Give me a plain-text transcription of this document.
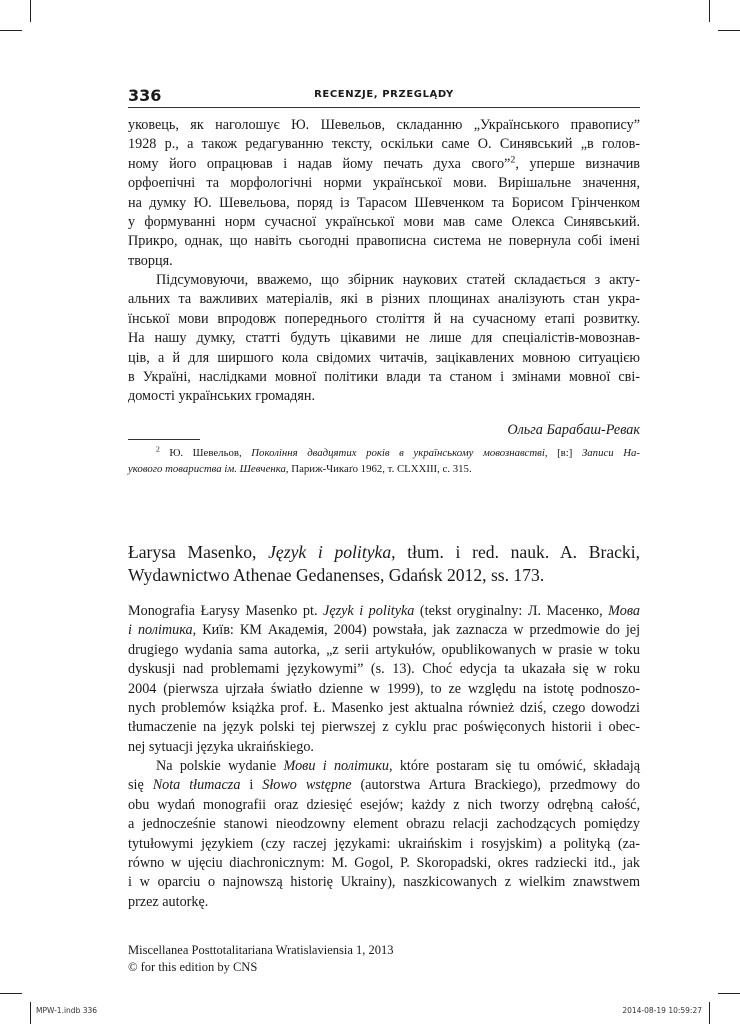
336	RECENZJE, PRZEGLĄDY
уковець, як наголошує Ю. Шевельов, складанню „Українського правопису”
1928 р., а також редагуванню тексту, оскільки саме О. Синявський „в голов-
ному його опрацював і надав йому печать духа свого”$^2$, уперше визначив
орфоепічні та морфологічні норми української мови. Вирішальне значення,
на думку Ю. Шевельова, поряд із Тарасом Шевченком та Борисом Грінченком
у формуванні норм сучасної української мови мав саме Олекса Синявський.
Прикро, однак, що навіть сьогодні правописна система не повернула собі імені
творця.
Підсумовуючи, вважемо, що збірник наукових статей складається з акту-
альних та важливих матеріалів, які в різних площинах аналізують стан укра-
їнської мови впродовж попереднього століття й на сучасному етапі розвитку.
На нашу думку, статті будуть цікавими не лише для спеціалістів-мовознав-
ців, а й для ширшого кола свідомих читачів, зацікавлених мовною ситуацією
в Україні, наслідками мовної політики влади та станом і змінами мовної сві-
домості українських громадян.
Ольга Барабаш-Ревак
$^2$ Ю. Шевельов, Покоління двадцятих років в українському мовознавстві, [в:] Записи На-
укового товариства ім. Шевченка, Париж-Чикаґо 1962, т. CLXXIII, с. 315.
Łarysa Masenko, Język i polityka, tłum. i red. nauk. A. Bracki,
Wydawnictwo Athenae Gedanenses, Gdańsk 2012, ss. 173.
Monografia Łarysy Masenko pt. Język i polityka (tekst oryginalny: Л. Масенко, Мова
і політика, Київ: КМ Академія, 2004) powstała, jak zaznacza w przedmowie do jej
drugiego wydania sama autorka, „z serii artykułów, opublikowanych w prasie w toku
dyskusji nad problemami językowymi” (s. 13). Choć edycja ta ukazała się w roku
2004 (pierwsza ujrzała światło dzienne w 1999), to ze względu na istotę podnoszo-
nych problemów książka prof. Ł. Masenko jest aktualna również dziś, czego dowodzi
tłumaczenie na język polski tej pierwszej z cyklu prac poświęconych historii i obec-
nej sytuacji języka ukraińskiego.
Na polskie wydanie Мови і політики, które postaram się tu omówić, składają
się Nota tłumacza i Słowo wstępne (autorstwa Artura Brackiego), przedmowy do
obu wydań monografii oraz dziesięć esejów; każdy z nich tworzy odrębną całość,
a jednocześnie stanowi nieodzowny element obrazu relacji zachodzących pomiędzy
tytułowymi językiem (czy raczej językami: ukraińskim i rosyjskim) a polityką (za-
równo w ujęciu diachronicznym: M. Gogol, P. Skoropadski, okres radziecki itd., jak
i w oparciu o najnowszą historię Ukrainy), naszkicowanych z wielkim znawstwem
przez autorkę.
Miscellanea Posttotalitariana Wratislaviensia 1, 2013
© for this edition by CNS
MPW-1.indb 336	2014-08-19 10:59:27
